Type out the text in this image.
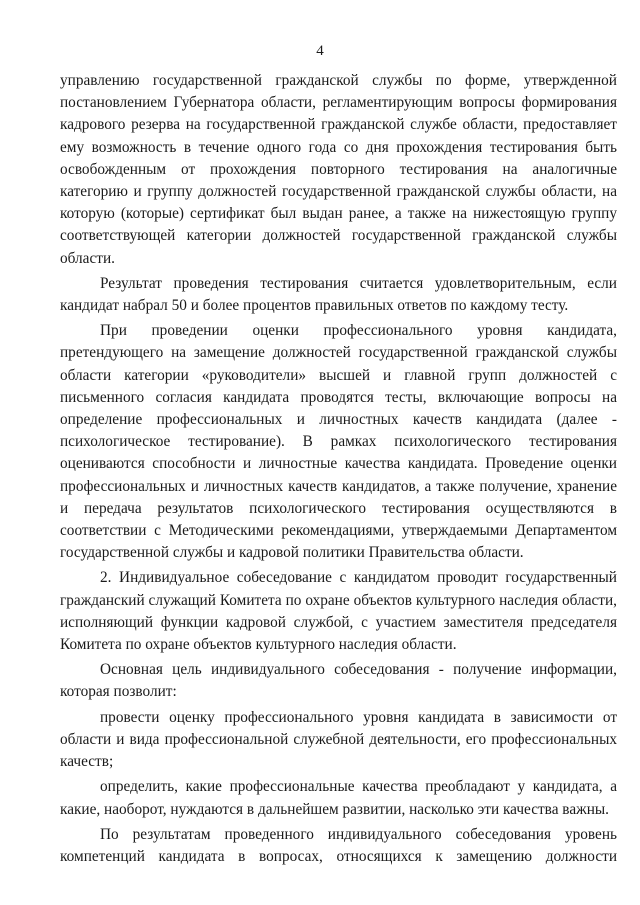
4

управлению государственной гражданской службы по форме, утвержденной постановлением Губернатора области, регламентирующим вопросы формирования кадрового резерва на государственной гражданской службе области, предоставляет ему возможность в течение одного года со дня прохождения тестирования быть освобожденным от прохождения повторного тестирования на аналогичные категорию и группу должностей государственной гражданской службы области, на которую (которые) сертификат был выдан ранее, а также на нижестоящую группу соответствующей категории должностей государственной гражданской службы области.

Результат проведения тестирования считается удовлетворительным, если кандидат набрал 50 и более процентов правильных ответов по каждому тесту.

При проведении оценки профессионального уровня кандидата, претендующего на замещение должностей государственной гражданской службы области категории «руководители» высшей и главной групп должностей с письменного согласия кандидата проводятся тесты, включающие вопросы на определение профессиональных и личностных качеств кандидата (далее - психологическое тестирование). В рамках психологического тестирования оцениваются способности и личностные качества кандидата. Проведение оценки профессиональных и личностных качеств кандидатов, а также получение, хранение и передача результатов психологического тестирования осуществляются в соответствии с Методическими рекомендациями, утверждаемыми Департаментом государственной службы и кадровой политики Правительства области.

2. Индивидуальное собеседование с кандидатом проводит государственный гражданский служащий Комитета по охране объектов культурного наследия области, исполняющий функции кадровой службой, с участием заместителя председателя Комитета по охране объектов культурного наследия области.

Основная цель индивидуального собеседования - получение информации, которая позволит:

провести оценку профессионального уровня кандидата в зависимости от области и вида профессиональной служебной деятельности, его профессиональных качеств;

определить, какие профессиональные качества преобладают у кандидата, а какие, наоборот, нуждаются в дальнейшем развитии, насколько эти качества важны.

По результатам проведенного индивидуального собеседования уровень компетенций кандидата в вопросах, относящихся к замещению должности
